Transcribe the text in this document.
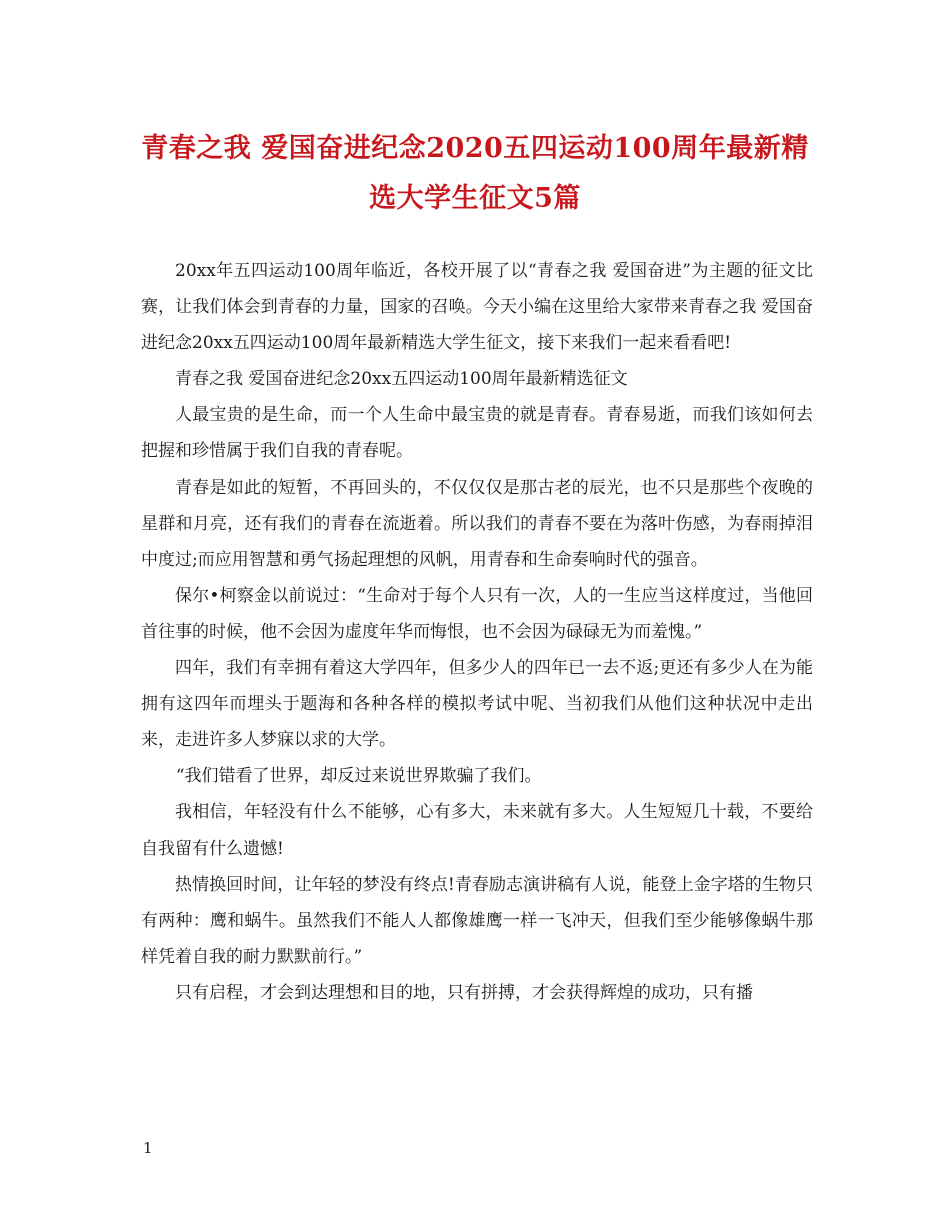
青春之我 爱国奋进纪念2020五四运动100周年最新精选大学生征文5篇

20xx年五四运动100周年临近，各校开展了以“青春之我 爱国奋进”为主题的征文比赛，让我们体会到青春的力量，国家的召唤。今天小编在这里给大家带来青春之我 爱国奋进纪念20xx五四运动100周年最新精选大学生征文，接下来我们一起来看看吧!

青春之我 爱国奋进纪念20xx五四运动100周年最新精选征文

人最宝贵的是生命，而一个人生命中最宝贵的就是青春。青春易逝，而我们该如何去把握和珍惜属于我们自我的青春呢。

青春是如此的短暂，不再回头的，不仅仅仅是那古老的辰光，也不只是那些个夜晚的星群和月亮，还有我们的青春在流逝着。所以我们的青春不要在为落叶伤感，为春雨掉泪中度过;而应用智慧和勇气扬起理想的风帆，用青春和生命奏响时代的强音。

保尔•柯察金以前说过：“生命对于每个人只有一次，人的一生应当这样度过，当他回首往事的时候，他不会因为虚度年华而悔恨，也不会因为碌碌无为而羞愧。”

四年，我们有幸拥有着这大学四年，但多少人的四年已一去不返;更还有多少人在为能拥有这四年而埋头于题海和各种各样的模拟考试中呢、当初我们从他们这种状况中走出来，走进许多人梦寐以求的大学。

“我们错看了世界，却反过来说世界欺骗了我们。

我相信，年轻没有什么不能够，心有多大，未来就有多大。人生短短几十载，不要给自我留有什么遗憾!

热情换回时间，让年轻的梦没有终点!青春励志演讲稿有人说，能登上金字塔的生物只有两种：鹰和蜗牛。虽然我们不能人人都像雄鹰一样一飞冲天，但我们至少能够像蜗牛那样凭着自我的耐力默默前行。”

只有启程，才会到达理想和目的地，只有拼搏，才会获得辉煌的成功，只有播

1
